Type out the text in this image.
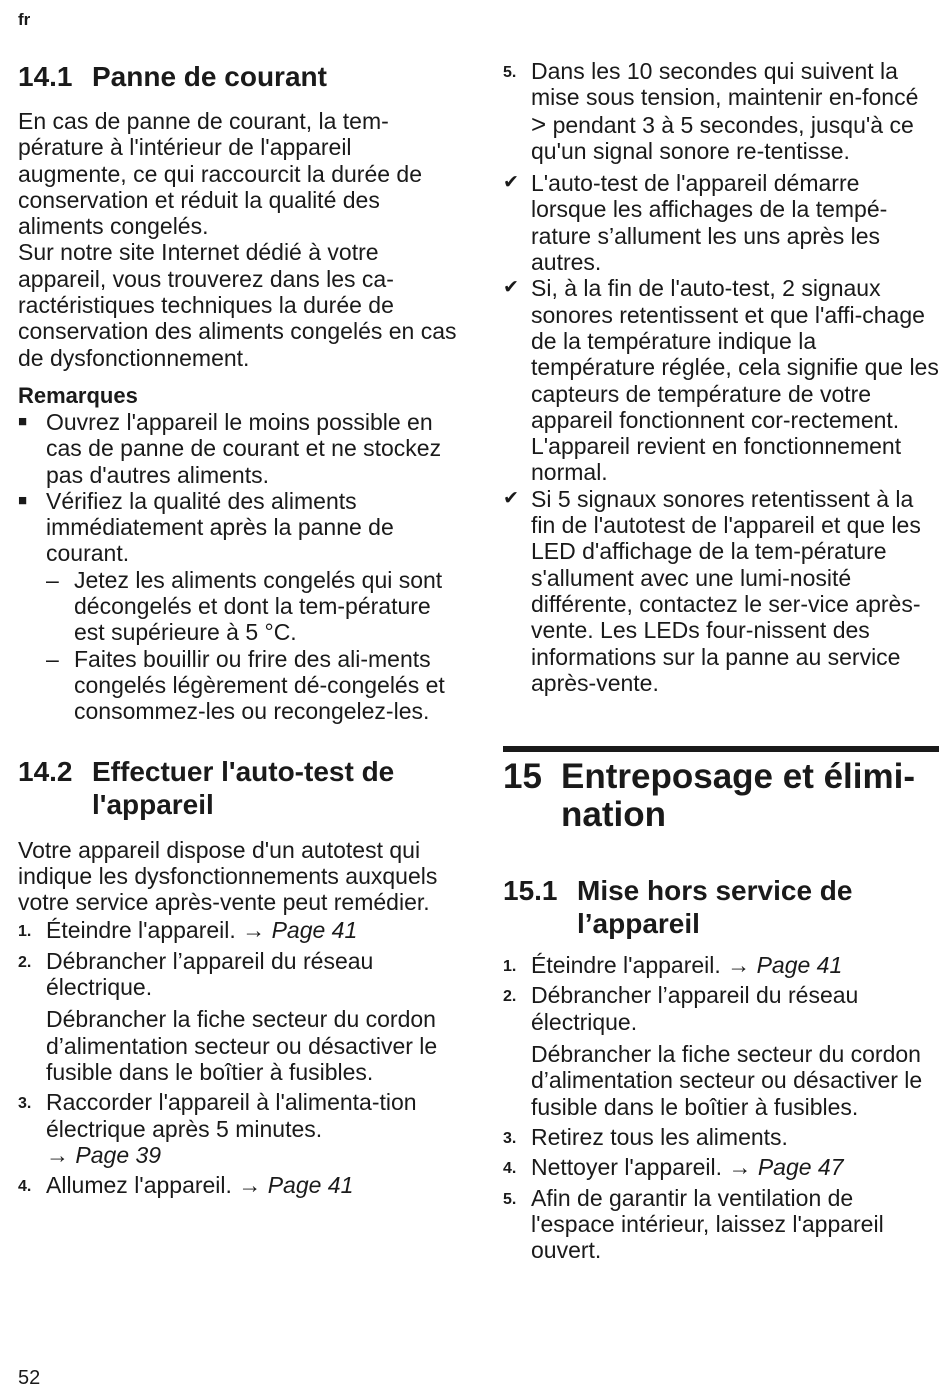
fr
14.1 Panne de courant

En cas de panne de courant, la tem-pérature à l'intérieur de l'appareil augmente, ce qui raccourcit la durée de conservation et réduit la qualité des aliments congelés.

Sur notre site Internet dédié à votre appareil, vous trouverez dans les ca-ractéristiques techniques la durée de conservation des aliments congelés en cas de dysfonctionnement.

Remarques
■ Ouvrez l'appareil le moins possible en cas de panne de courant et ne stockez pas d'autres aliments.
■ Vérifiez la qualité des aliments immédiatement après la panne de courant.
– Jetez les aliments congelés qui sont décongelés et dont la tem-pérature est supérieure à 5 °C.
– Faites bouillir ou frire des ali-ments congelés légèrement dé-congelés et consommez-les ou recongelez-les.
14.2 Effectuer l'auto-test de l'appareil

Votre appareil dispose d'un autotest qui indique les dysfonctionnements auxquels votre service après-vente peut remédier.

1. Éteindre l'appareil. → Page 41
2. Débrancher l’appareil du réseau électrique.

Débrancher la fiche secteur du cordon d’alimentation secteur ou désactiver le fusible dans le boîtier à fusibles.

3. Raccorder l'appareil à l'alimenta-tion électrique après 5 minutes.
→ Page 39
4. Allumez l'appareil. → Page 41
5. Dans les 10 secondes qui suivent la mise sous tension, maintenir en-foncé > pendant 3 à 5 secondes, jusqu'à ce qu'un signal sonore re-tentisse.
✔ L'auto-test de l'appareil démarre lorsque les affichages de la tempé-rature s’allument les uns après les autres.
✔ Si, à la fin de l'auto-test, 2 signaux sonores retentissent et que l'affi-chage de la température indique la température réglée, cela signifie que les capteurs de température de votre appareil fonctionnent cor-rectement. L'appareil revient en fonctionnement normal.
✔ Si 5 signaux sonores retentissent à la fin de l'autotest de l'appareil et que les LED d'affichage de la tem-pérature s'allument avec une lumi-nosité différente, contactez le ser-vice après-vente. Les LEDs four-nissent des informations sur la panne au service après-vente.
15 Entreposage et élimi-nation
15.1 Mise hors service de l’appareil
1. Éteindre l'appareil. → Page 41
2. Débrancher l’appareil du réseau électrique.

Débrancher la fiche secteur du cordon d’alimentation secteur ou désactiver le fusible dans le boîtier à fusibles.

3. Retirez tous les aliments.
4. Nettoyer l'appareil. → Page 47
5. Afin de garantir la ventilation de l'espace intérieur, laissez l'appareil ouvert.
52
